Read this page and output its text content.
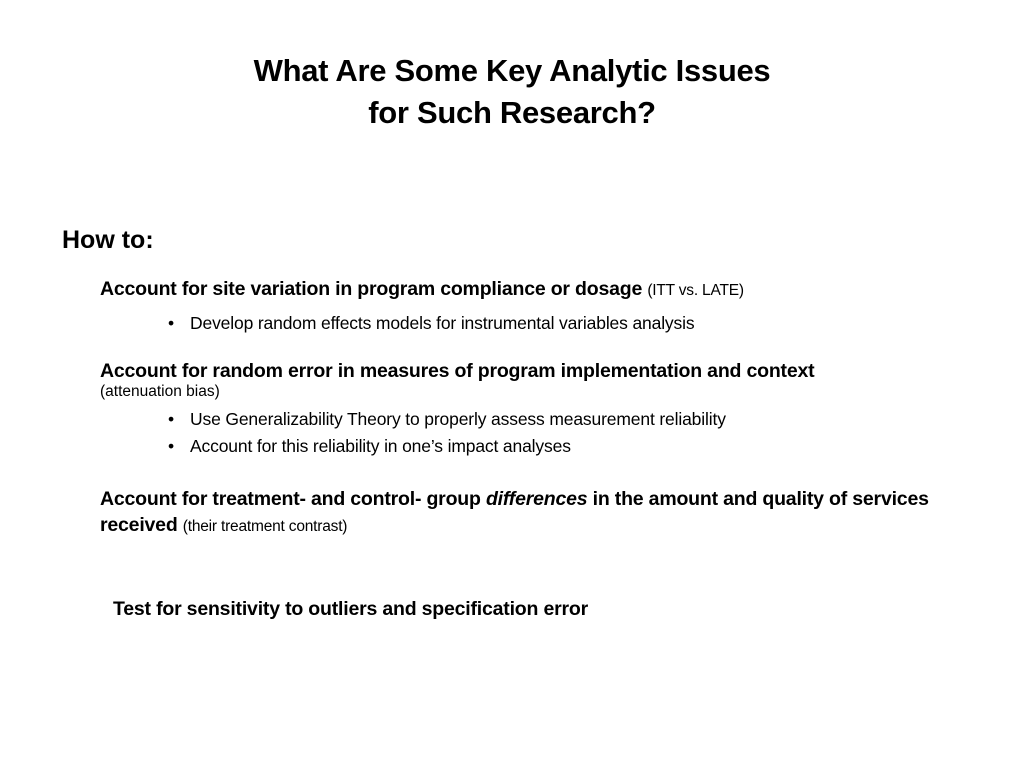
What Are Some Key Analytic Issues
for Such Research?
How to:
Account for site variation in program compliance or dosage (ITT vs. LATE)
• Develop random effects models for instrumental variables analysis
Account for random error in measures of program implementation and context
(attenuation bias)
• Use Generalizability Theory to properly assess measurement reliability
• Account for this reliability in one’s impact analyses
Account for treatment- and control- group differences in the amount and quality of services received (their treatment contrast)
Test for sensitivity to outliers and specification error
